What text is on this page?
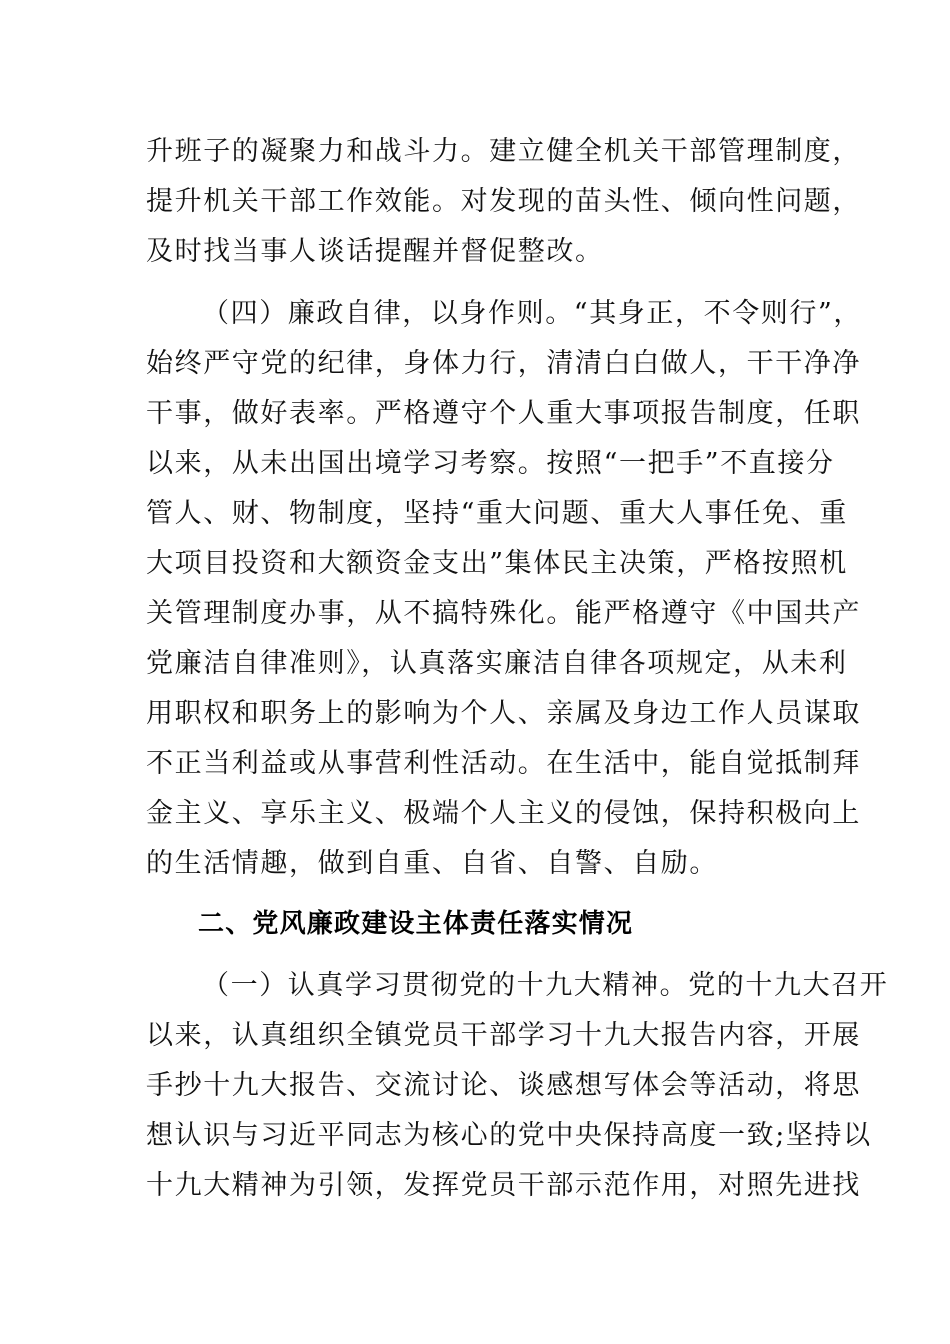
升班子的凝聚力和战斗力。建立健全机关干部管理制度，
提升机关干部工作效能。对发现的苗头性、倾向性问题，
及时找当事人谈话提醒并督促整改。
（四）廉政自律，以身作则。“其身正，不令则行”，
始终严守党的纪律，身体力行，清清白白做人，干干净净
干事，做好表率。严格遵守个人重大事项报告制度，任职
以来，从未出国出境学习考察。按照“一把手”不直接分
管人、财、物制度，坚持“重大问题、重大人事任免、重
大项目投资和大额资金支出”集体民主决策，严格按照机
关管理制度办事，从不搞特殊化。能严格遵守《中国共产
党廉洁自律准则》，认真落实廉洁自律各项规定，从未利
用职权和职务上的影响为个人、亲属及身边工作人员谋取
不正当利益或从事营利性活动。在生活中，能自觉抵制拜
金主义、享乐主义、极端个人主义的侵蚀，保持积极向上
的生活情趣，做到自重、自省、自警、自励。
二、党风廉政建设主体责任落实情况
（一）认真学习贯彻党的十九大精神。党的十九大召开
以来，认真组织全镇党员干部学习十九大报告内容，开展
手抄十九大报告、交流讨论、谈感想写体会等活动，将思
想认识与习近平同志为核心的党中央保持高度一致;坚持以
十九大精神为引领，发挥党员干部示范作用，对照先进找
